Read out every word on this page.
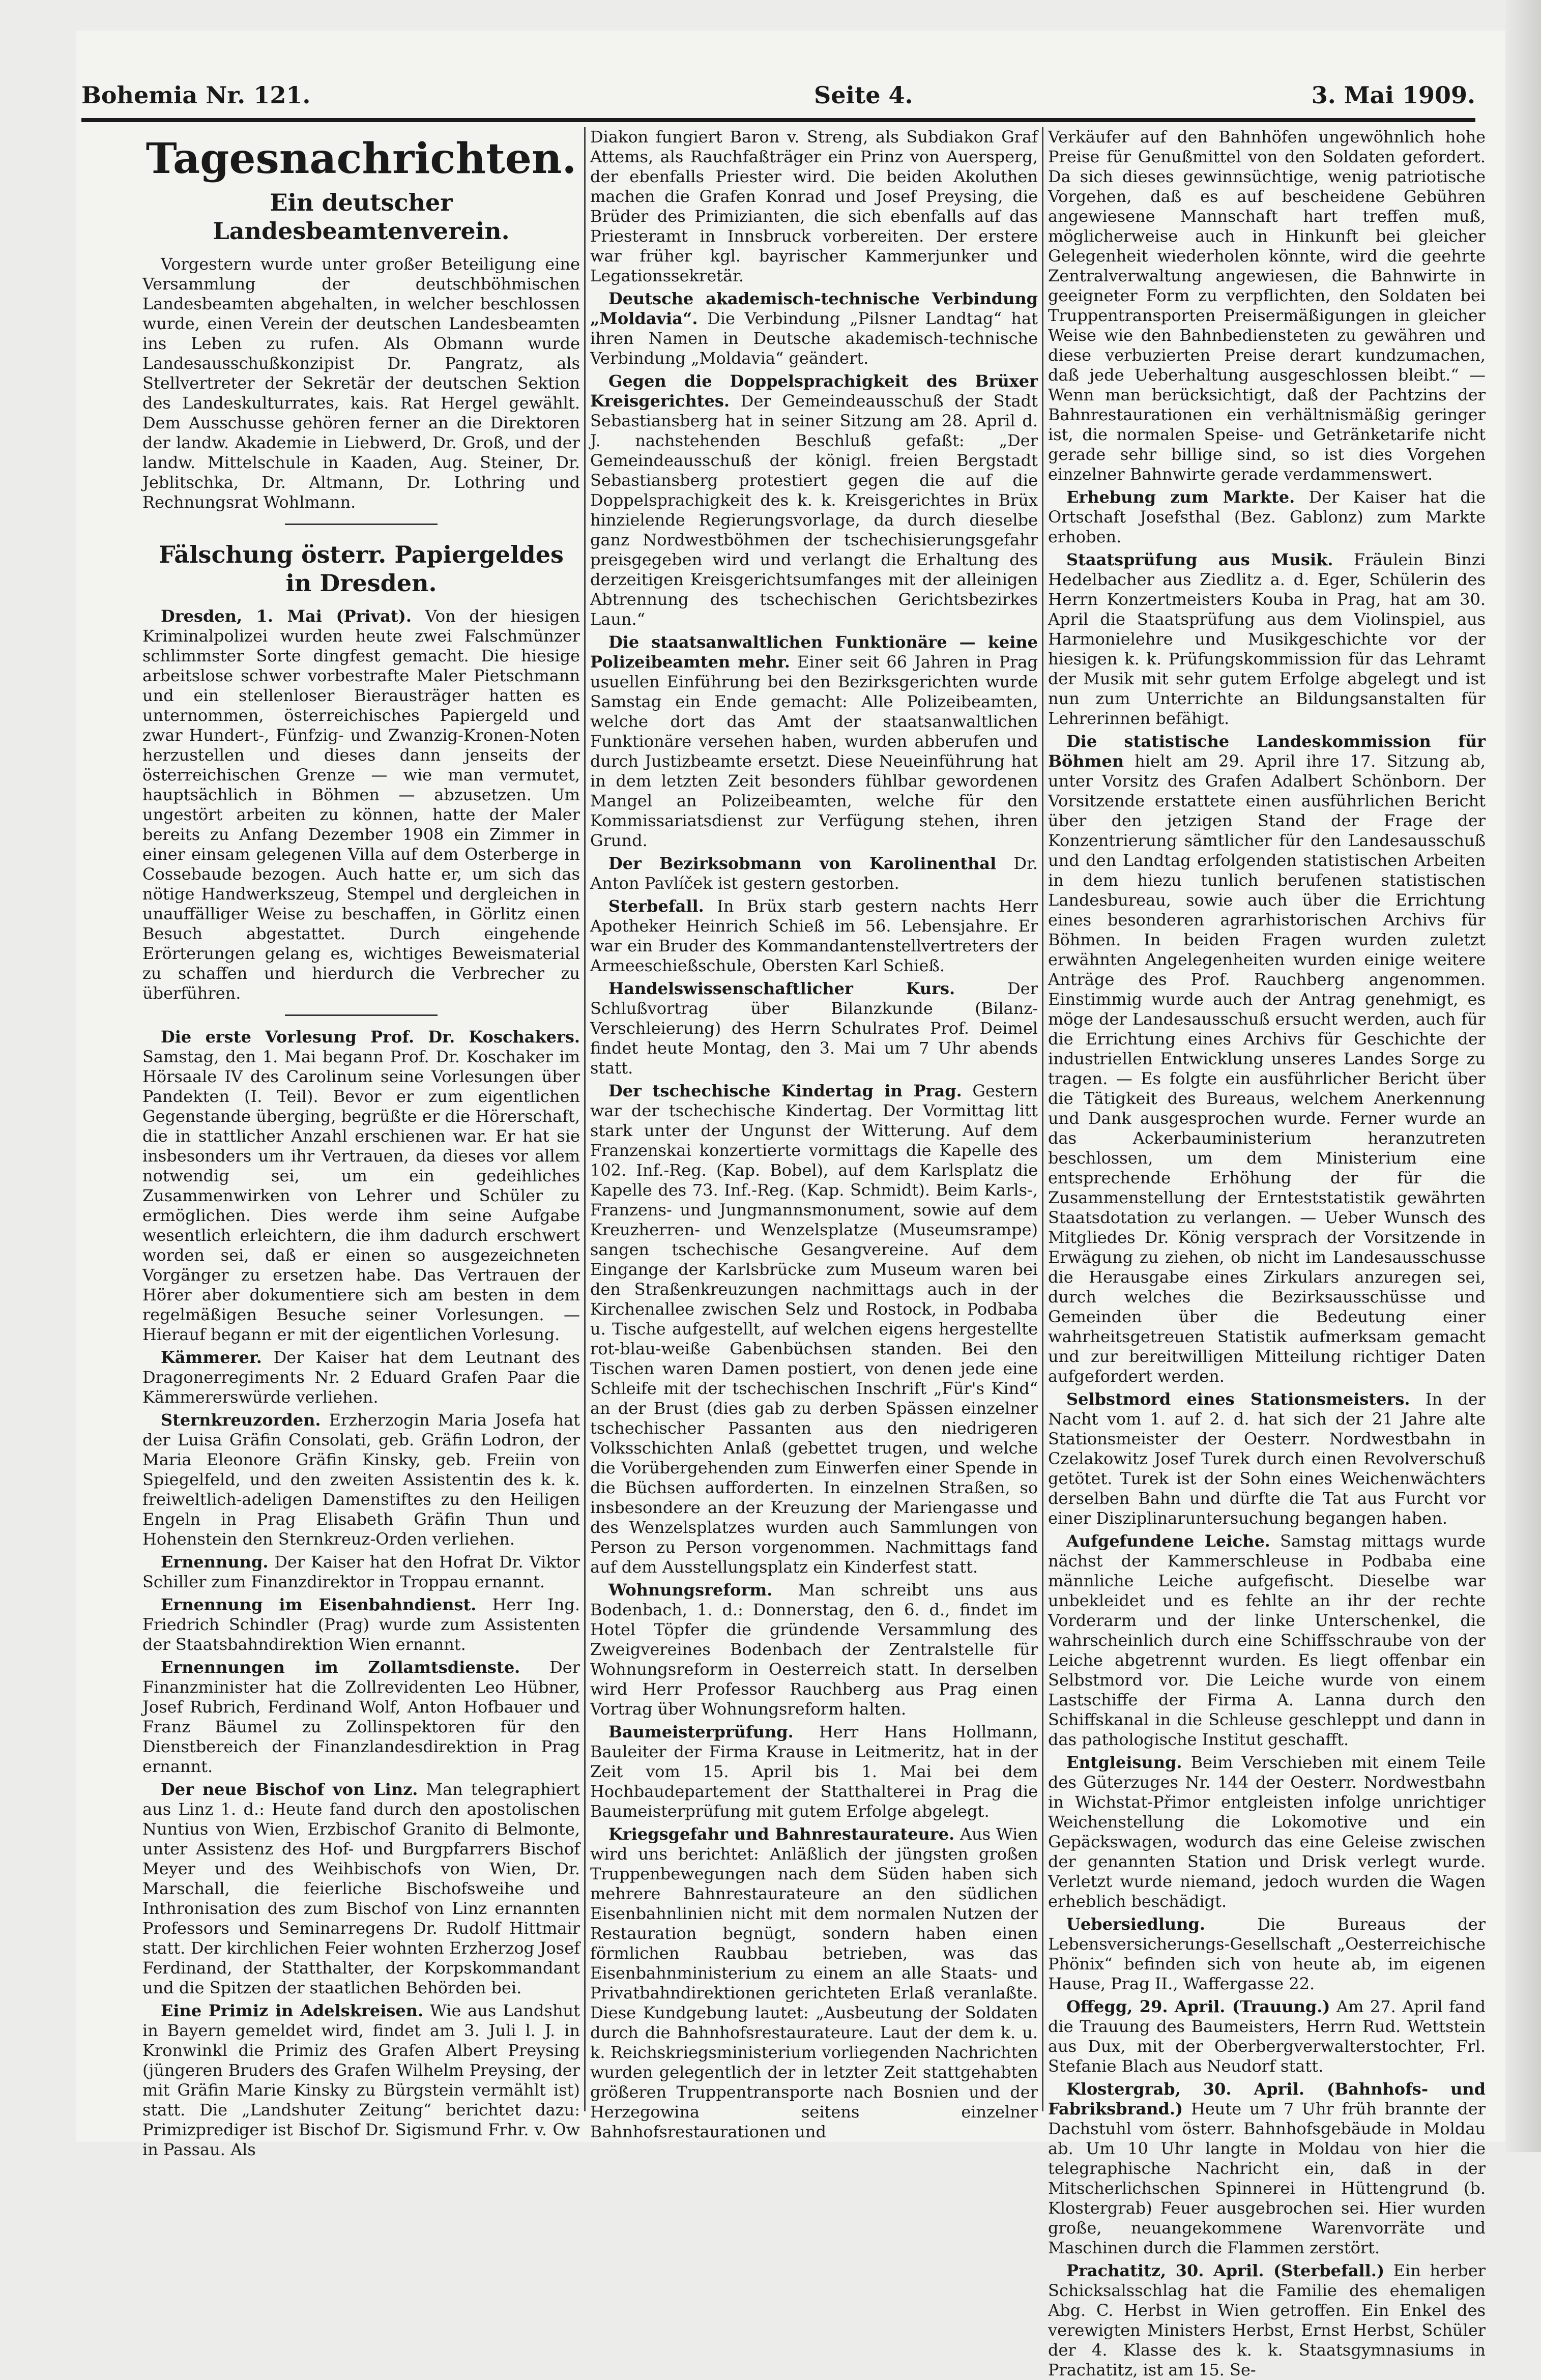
Bohemia Nr. 121.	Seite 4.	3. Mai 1909.
Tagesnachrichten.
Ein deutscher Landesbeamtenverein.

Vorgestern wurde unter großer Beteiligung eine Versammlung der deutschböhmischen Landesbeamten abgehalten, in welcher beschlossen wurde, einen Verein der deutschen Landesbeamten ins Leben zu rufen. Als Obmann wurde Landesausschußkonzipist Dr. Pangratz, als Stellvertreter der Sekretär der deutschen Sektion des Landeskulturrates, kais. Rat Hergel gewählt. Dem Ausschusse gehören ferner an die Direktoren der landw. Akademie in Liebwerd, Dr. Groß, und der landw. Mittelschule in Kaaden, Aug. Steiner, Dr. Jeblitschka, Dr. Altmann, Dr. Lothring und Rechnungsrat Wohlmann.

Fälschung österr. Papiergeldes in Dresden.

Dresden, 1. Mai (Privat). Von der hiesigen Kriminalpolizei wurden heute zwei Falschmünzer schlimmster Sorte dingfest gemacht. Die hiesige arbeitslose schwer vorbestrafte Maler Pietschmann und ein stellenloser Bierausträger hatten es unternommen, österreichisches Papiergeld und zwar Hundert-, Fünfzig- und Zwanzig-Kronen-Noten herzustellen und dieses dann jenseits der österreichischen Grenze — wie man vermutet, hauptsächlich in Böhmen — abzusetzen. Um ungestört arbeiten zu können, hatte der Maler bereits zu Anfang Dezember 1908 ein Zimmer in einer einsam gelegenen Villa auf dem Osterberge in Cossebaude bezogen. Auch hatte er, um sich das nötige Handwerkszeug, Stempel und dergleichen in unauffälliger Weise zu beschaffen, in Görlitz einen Besuch abgestattet. Durch eingehende Erörterungen gelang es, wichtiges Beweismaterial zu schaffen und hierdurch die Verbrecher zu überführen.

Die erste Vorlesung Prof. Dr. Koschakers. Samstag, den 1. Mai begann Prof. Dr. Koschaker im Hörsaale IV des Carolinum seine Vorlesungen über Pandekten (I. Teil). Bevor er zum eigentlichen Gegenstande überging, begrüßte er die Hörerschaft, die in stattlicher Anzahl erschienen war. Er hat sie insbesonders um ihr Vertrauen, da dieses vor allem notwendig sei, um ein gedeihliches Zusammenwirken von Lehrer und Schüler zu ermöglichen. Dies werde ihm seine Aufgabe wesentlich erleichtern, die ihm dadurch erschwert worden sei, daß er einen so ausgezeichneten Vorgänger zu ersetzen habe. Das Vertrauen der Hörer aber dokumentiere sich am besten in dem regelmäßigen Besuche seiner Vorlesungen. — Hierauf begann er mit der eigentlichen Vorlesung.

Kämmerer. Der Kaiser hat dem Leutnant des Dragonerregiments Nr. 2 Eduard Grafen Paar die Kämmererswürde verliehen.

Sternkreuzorden. Erzherzogin Maria Josefa hat der Luisa Gräfin Consolati, geb. Gräfin Lodron, der Maria Eleonore Gräfin Kinsky, geb. Freiin von Spiegelfeld, und den zweiten Assistentin des k. k. freiweltlich-adeligen Damenstiftes zu den Heiligen Engeln in Prag Elisabeth Gräfin Thun und Hohenstein den Sternkreuz-Orden verliehen.

Ernennung. Der Kaiser hat den Hofrat Dr. Viktor Schiller zum Finanzdirektor in Troppau ernannt.

Ernennung im Eisenbahndienst. Herr Ing. Friedrich Schindler (Prag) wurde zum Assistenten der Staatsbahndirektion Wien ernannt.

Ernennungen im Zollamtsdienste. Der Finanzminister hat die Zollrevidenten Leo Hübner, Josef Rubrich, Ferdinand Wolf, Anton Hofbauer und Franz Bäumel zu Zollinspektoren für den Dienstbereich der Finanzlandesdirektion in Prag ernannt.

Der neue Bischof von Linz. Man telegraphiert aus Linz 1. d.: Heute fand durch den apostolischen Nuntius von Wien, Erzbischof Granito di Belmonte, unter Assistenz des Hof- und Burgpfarrers Bischof Meyer und des Weihbischofs von Wien, Dr. Marschall, die feierliche Bischofsweihe und Inthronisation des zum Bischof von Linz ernannten Professors und Seminarregens Dr. Rudolf Hittmair statt. Der kirchlichen Feier wohnten Erzherzog Josef Ferdinand, der Statthalter, der Korpskommandant und die Spitzen der staatlichen Behörden bei.

Eine Primiz in Adelskreisen. Wie aus Landshut in Bayern gemeldet wird, findet am 3. Juli l. J. in Kronwinkl die Primiz des Grafen Albert Preysing (jüngeren Bruders des Grafen Wilhelm Preysing, der mit Gräfin Marie Kinsky zu Bürgstein vermählt ist) statt. Die „Landshuter Zeitung“ berichtet dazu: Primizprediger ist Bischof Dr. Sigismund Frhr. v. Ow in Passau. Als

Diakon fungiert Baron v. Streng, als Subdiakon Graf Attems, als Rauchfaßträger ein Prinz von Auersperg, der ebenfalls Priester wird. Die beiden Akoluthen machen die Grafen Konrad und Josef Preysing, die Brüder des Primizianten, die sich ebenfalls auf das Priesteramt in Innsbruck vorbereiten. Der erstere war früher kgl. bayrischer Kammerjunker und Legationssekretär.

Deutsche akademisch-technische Verbindung „Moldavia“. Die Verbindung „Pilsner Landtag“ hat ihren Namen in Deutsche akademisch-technische Verbindung „Moldavia“ geändert.

Gegen die Doppelsprachigkeit des Brüxer Kreisgerichtes. Der Gemeindeausschuß der Stadt Sebastiansberg hat in seiner Sitzung am 28. April d. J. nachstehenden Beschluß gefaßt: „Der Gemeindeausschuß der königl. freien Bergstadt Sebastiansberg protestiert gegen die auf die Doppelsprachigkeit des k. k. Kreisgerichtes in Brüx hinzielende Regierungsvorlage, da durch dieselbe ganz Nordwestböhmen der tschechisierungsgefahr preisgegeben wird und verlangt die Erhaltung des derzeitigen Kreisgerichtsumfanges mit der alleinigen Abtrennung des tschechischen Gerichtsbezirkes Laun.“

Die staatsanwaltlichen Funktionäre — keine Polizeibeamten mehr. Einer seit 66 Jahren in Prag usuellen Einführung bei den Bezirksgerichten wurde Samstag ein Ende gemacht: Alle Polizeibeamten, welche dort das Amt der staatsanwaltlichen Funktionäre versehen haben, wurden abberufen und durch Justizbeamte ersetzt. Diese Neueinführung hat in dem letzten Zeit besonders fühlbar gewordenen Mangel an Polizeibeamten, welche für den Kommissariatsdienst zur Verfügung stehen, ihren Grund.

Der Bezirksobmann von Karolinenthal Dr. Anton Pavlíček ist gestern gestorben.

Sterbefall. In Brüx starb gestern nachts Herr Apotheker Heinrich Schieß im 56. Lebensjahre. Er war ein Bruder des Kommandantenstellvertreters der Armeeschießschule, Obersten Karl Schieß.

Handelswissenschaftlicher Kurs.	Der Schlußvortrag über Bilanzkunde (Bilanz-Verschleierung) des Herrn Schulrates Prof. Deimel findet heute Montag, den 3. Mai um 7 Uhr abends statt.

Der tschechische Kindertag in Prag. Gestern war der tschechische Kindertag. Der Vormittag litt stark unter der Ungunst der Witterung. Auf dem Franzenskai konzertierte vormittags die Kapelle des 102. Inf.-Reg. (Kap. Bobel), auf dem Karlsplatz die Kapelle des 73. Inf.-Reg. (Kap. Schmidt). Beim Karls-, Franzens- und Jungmannsmonument, sowie auf dem Kreuzherren- und Wenzelsplatze (Museumsrampe) sangen tschechische Gesangvereine. Auf dem Eingange der Karlsbrücke zum Museum waren bei den Straßenkreuzungen nachmittags auch in der Kirchenallee zwischen Selz und Rostock, in Podbaba u. Tische aufgestellt, auf welchen eigens hergestellte rot-blau-weiße Gabenbüchsen standen. Bei den Tischen waren Damen postiert, von denen jede eine Schleife mit der tschechischen Inschrift „Für's Kind“ an der Brust (dies gab zu derben Spässen einzelner tschechischer Passanten aus den niedrigeren Volksschichten Anlaß (gebettet trugen, und welche die Vorübergehenden zum Einwerfen einer Spende in die Büchsen aufforderten. In einzelnen Straßen, so insbesondere an der Kreuzung der Mariengasse und des Wenzelsplatzes wurden auch Sammlungen von Person zu Person vorgenommen. Nachmittags fand auf dem Ausstellungsplatz ein Kinderfest statt.

Wohnungsreform. Man schreibt uns aus Bodenbach, 1. d.: Donnerstag, den 6. d., findet im Hotel Töpfer die gründende Versammlung des Zweigvereines Bodenbach der Zentralstelle für Wohnungsreform in Oesterreich statt. In derselben wird Herr Professor Rauchberg aus Prag einen Vortrag über Wohnungsreform halten.

Baumeisterprüfung. Herr Hans Hollmann, Bauleiter der Firma Krause in Leitmeritz, hat in der Zeit vom 15. April bis 1. Mai bei dem Hochbaudepartement der Statthalterei in Prag die Baumeisterprüfung mit gutem Erfolge abgelegt.

Kriegsgefahr und Bahnrestaurateure. Aus Wien wird uns berichtet: Anläßlich der jüngsten großen Truppenbewegungen nach dem Süden haben sich mehrere Bahnrestaurateure an den südlichen Eisenbahnlinien nicht mit dem normalen Nutzen der Restauration begnügt, sondern haben einen förmlichen Raubbau betrieben, was das Eisenbahnministerium zu einem an alle Staats- und Privatbahndirektionen gerichteten Erlaß veranlaßte. Diese Kundgebung lautet: „Ausbeutung der Soldaten durch die Bahnhofsrestaurateure. Laut der dem k. u. k. Reichskriegsministerium vorliegenden Nachrichten wurden gelegentlich der in letzter Zeit stattgehabten größeren Truppentransporte nach Bosnien und der Herzegowina seitens einzelner Bahnhofsrestaurationen und

Verkäufer auf den Bahnhöfen ungewöhnlich hohe Preise für Genußmittel von den Soldaten gefordert. Da sich dieses gewinnsüchtige, wenig patriotische Vorgehen, daß es auf bescheidene Gebühren angewiesene Mannschaft hart treffen muß, möglicherweise auch in Hinkunft bei gleicher Gelegenheit wiederholen könnte, wird die geehrte Zentralverwaltung angewiesen, die Bahnwirte in geeigneter Form zu verpflichten, den Soldaten bei Truppentransporten Preisermäßigungen in gleicher Weise wie den Bahnbediensteten zu gewähren und diese verbuzierten Preise derart kundzumachen, daß jede Ueberhaltung ausgeschlossen bleibt.“ — Wenn man berücksichtigt, daß der Pachtzins der Bahnrestaurationen ein verhältnismäßig geringer ist, die normalen Speise- und Getränketarife nicht gerade sehr billige sind, so ist dies Vorgehen einzelner Bahnwirte gerade verdammenswert.

Erhebung zum Markte. Der Kaiser hat die Ortschaft Josefsthal (Bez. Gablonz) zum Markte erhoben.

Staatsprüfung aus Musik. Fräulein Binzi Hedelbacher aus Ziedlitz a. d. Eger, Schülerin des Herrn Konzertmeisters Kouba in Prag, hat am 30. April die Staatsprüfung aus dem Violinspiel, aus Harmonielehre und Musikgeschichte vor der hiesigen k. k. Prüfungskommission für das Lehramt der Musik mit sehr gutem Erfolge abgelegt und ist nun zum Unterrichte an Bildungsanstalten für Lehrerinnen befähigt.

Die statistische Landeskommission für Böhmen hielt am 29. April ihre 17. Sitzung ab, unter Vorsitz des Grafen Adalbert Schönborn. Der Vorsitzende erstattete einen ausführlichen Bericht über den jetzigen Stand der Frage der Konzentrierung sämtlicher für den Landesausschuß und den Landtag erfolgenden statistischen Arbeiten in dem hiezu tunlich berufenen statistischen Landesbureau, sowie auch über die Errichtung eines besonderen agrarhistorischen Archivs für Böhmen. In beiden Fragen wurden zuletzt erwähnten Angelegenheiten wurden einige weitere Anträge des Prof. Rauchberg angenommen. Einstimmig wurde auch der Antrag genehmigt, es möge der Landesausschuß ersucht werden, auch für die Errichtung eines Archivs für Geschichte der industriellen Entwicklung unseres Landes Sorge zu tragen. — Es folgte ein ausführlicher Bericht über die Tätigkeit des Bureaus, welchem Anerkennung und Dank ausgesprochen wurde. Ferner wurde an das Ackerbauministerium heranzutreten beschlossen, um dem Ministerium eine entsprechende Erhöhung der für die Zusammenstellung der Ernteststatistik gewährten Staatsdotation zu verlangen. — Ueber Wunsch des Mitgliedes Dr. König versprach der Vorsitzende in Erwägung zu ziehen, ob nicht im Landesausschusse die Herausgabe eines Zirkulars anzuregen sei, durch welches die Bezirksausschüsse und Gemeinden über die Bedeutung einer wahrheitsgetreuen Statistik aufmerksam gemacht und zur bereitwilligen Mitteilung richtiger Daten aufgefordert werden.

Selbstmord eines Stationsmeisters. In der Nacht vom 1. auf 2. d. hat sich der 21 Jahre alte Stationsmeister der Oesterr. Nordwestbahn in Czelakowitz Josef Turek durch einen Revolverschuß getötet. Turek ist der Sohn eines Weichenwächters derselben Bahn und dürfte die Tat aus Furcht vor einer Disziplinaruntersuchung begangen haben.

Aufgefundene Leiche. Samstag mittags wurde nächst der Kammerschleuse in Podbaba eine männliche Leiche aufgefischt. Dieselbe war unbekleidet und es fehlte an ihr der rechte Vorderarm und der linke Unterschenkel, die wahrscheinlich durch eine Schiffsschraube von der Leiche abgetrennt wurden. Es liegt offenbar ein Selbstmord vor. Die Leiche wurde von einem Lastschiffe der Firma A. Lanna durch den Schiffskanal in die Schleuse geschleppt und dann in das pathologische Institut geschafft.

Entgleisung. Beim Verschieben mit einem Teile des Güterzuges Nr. 144 der Oesterr. Nordwestbahn in Wichstat-Přimor entgleisten infolge unrichtiger Weichenstellung die Lokomotive und ein Gepäckswagen, wodurch das eine Geleise zwischen der genannten Station und Drisk verlegt wurde. Verletzt wurde niemand, jedoch wurden die Wagen erheblich beschädigt.

Uebersiedlung.	Die Bureaus der Lebensversicherungs-Gesellschaft „Oesterreichische Phönix“ befinden sich von heute ab, im eigenen Hause, Prag II., Waffergasse 22.

Offegg, 29. April. (Trauung.) Am 27. April fand die Trauung des Baumeisters, Herrn Rud. Wettstein aus Dux, mit der Oberbergverwalterstochter, Frl. Stefanie Blach aus Neudorf statt.

Klostergrab, 30. April. (Bahnhofs- und Fabriksbrand.) Heute um 7 Uhr früh brannte der Dachstuhl vom österr. Bahnhofsgebäude in Moldau ab. Um 10 Uhr langte in Moldau von hier die telegraphische Nachricht ein, daß in der Mitscherlichschen Spinnerei in Hüttengrund (b. Klostergrab) Feuer ausgebrochen sei. Hier wurden große, neuangekommene Warenvorräte und Maschinen durch die Flammen zerstört.

Prachatitz, 30. April. (Sterbefall.) Ein herber Schicksalsschlag hat die Familie des ehemaligen Abg. C. Herbst in Wien getroffen. Ein Enkel des verewigten Ministers Herbst, Ernst Herbst, Schüler der 4. Klasse des k. k. Staatsgymnasiums in Prachatitz, ist am 15. Se-
